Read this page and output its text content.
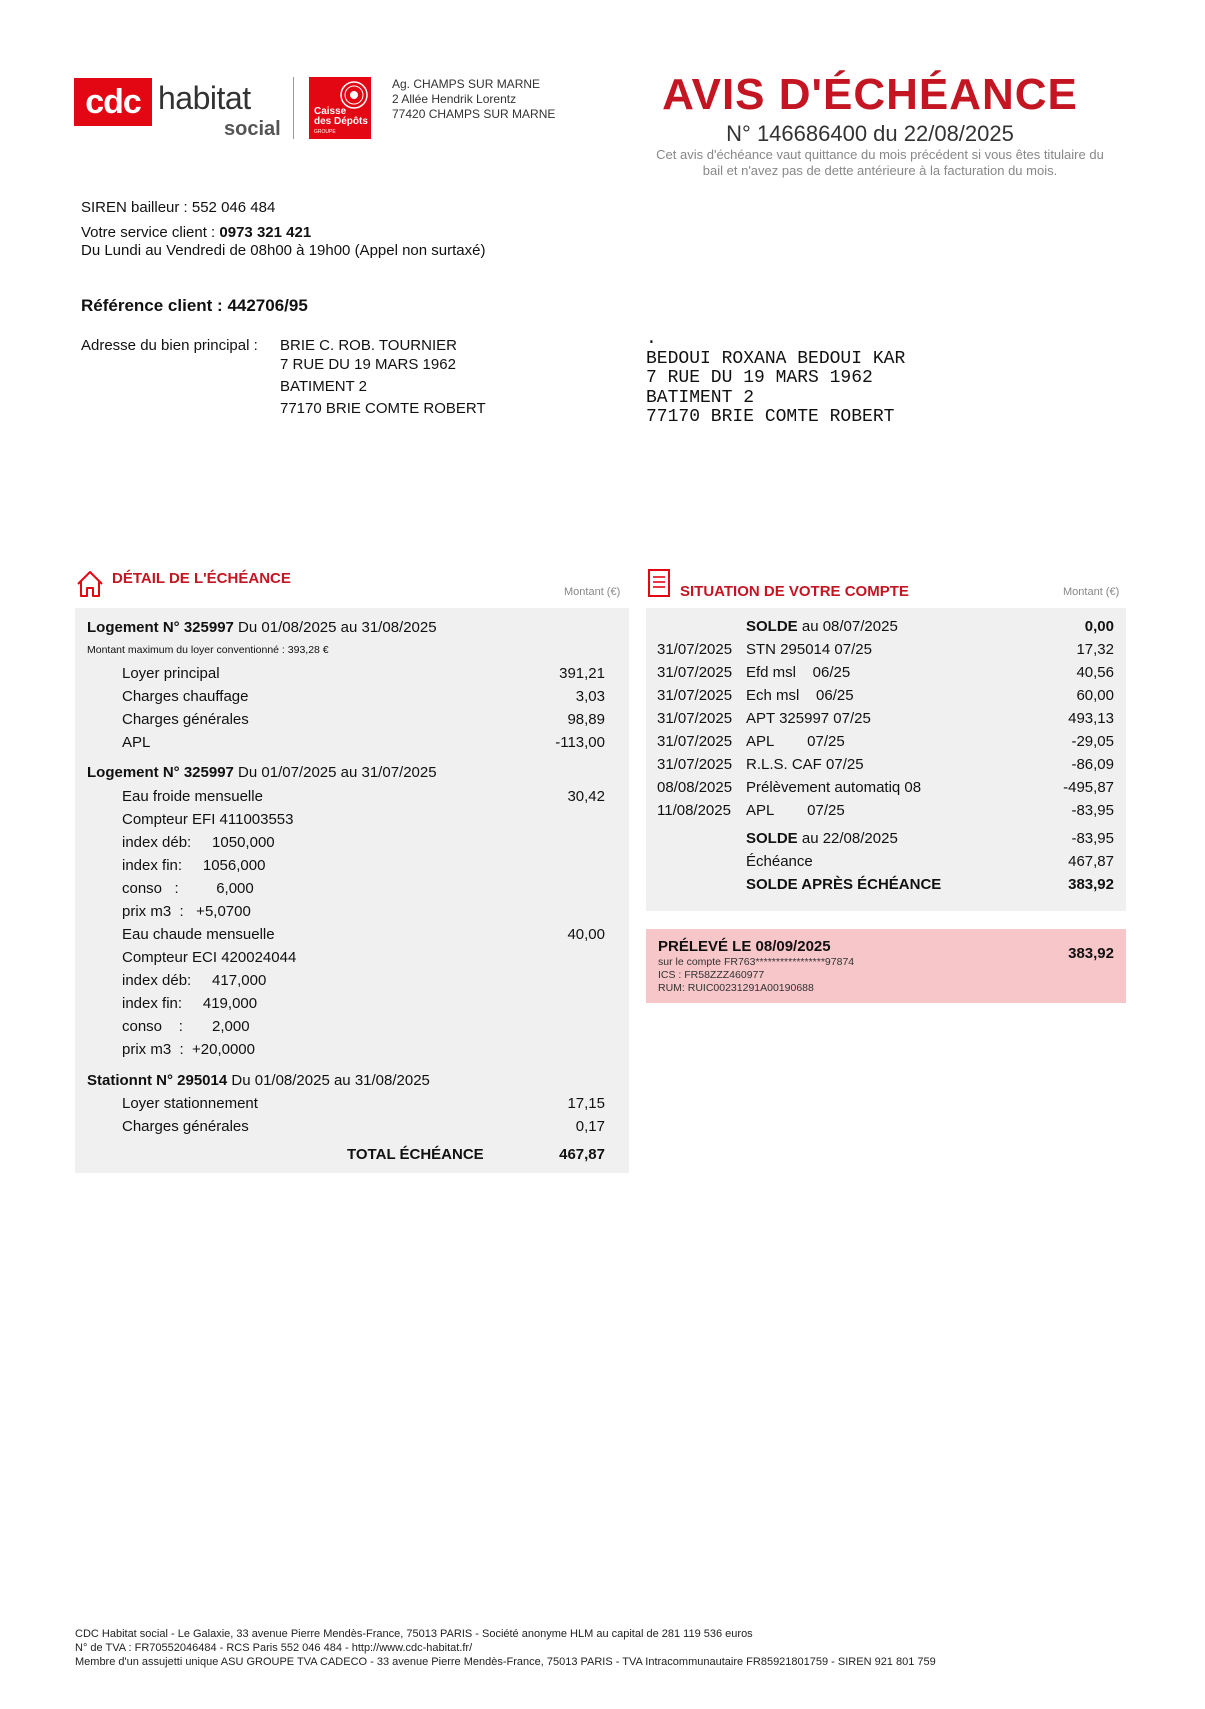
cdc habitat
social
Caisse
des Dépôts
GROUPE
Ag. CHAMPS SUR MARNE
2 Allée Hendrik Lorentz
77420 CHAMPS SUR MARNE	AVIS D'ÉCHÉANCE
N° 146686400 du 22/08/2025
Cet avis d'échéance vaut quittance du mois précédent si vous êtes titulaire du
bail et n'avez pas de dette antérieure à la facturation du mois.
SIREN bailleur : 552 046 484
Votre service client : 0973 321 421
Du Lundi au Vendredi de 08h00 à 19h00 (Appel non surtaxé)
Référence client : 442706/95
Adresse du bien principal : BRIE C. ROB. TOURNIER
7 RUE DU 19 MARS 1962
BATIMENT 2
77170 BRIE COMTE ROBERT
.
BEDOUI ROXANA BEDOUI KAR
7 RUE DU 19 MARS 1962
BATIMENT 2
77170 BRIE COMTE ROBERT
DÉTAIL DE L'ÉCHÉANCE
Montant (€)
Logement N° 325997 Du 01/08/2025 au 31/08/2025
Montant maximum du loyer conventionné : 393,28 €
Loyer principal	391,21
Charges chauffage	3,03
Charges générales	98,89
APL	-113,00
Logement N° 325997 Du 01/07/2025 au 31/07/2025
Eau froide mensuelle	30,42
Compteur EFI 411003553
index déb:     1050,000
index fin:     1056,000
conso   :         6,000
prix m3  :   +5,0700
Eau chaude mensuelle	40,00
Compteur ECI 420024044
index déb:     417,000
index fin:     419,000
conso    :       2,000
prix m3  :  +20,0000
Stationnt N° 295014 Du 01/08/2025 au 31/08/2025
Loyer stationnement	17,15
Charges générales	0,17
TOTAL ÉCHÉANCE	467,87
SITUATION DE VOTRE COMPTE	Montant (€)
SOLDE au 08/07/2025	0,00
31/07/2025 STN 295014 07/25	17,32
31/07/2025 Efd msl    06/25	40,56
31/07/2025 Ech msl    06/25	60,00
31/07/2025 APT 325997 07/25	493,13
31/07/2025 APL        07/25	-29,05
31/07/2025 R.L.S. CAF 07/25	-86,09
08/08/2025 Prélèvement automatiq 08	-495,87
11/08/2025 APL        07/25	-83,95
SOLDE au 22/08/2025	-83,95
Échéance	467,87
SOLDE APRÈS ÉCHÉANCE	383,92
PRÉLEVÉ LE 08/09/2025
sur le compte FR763*****************97874
ICS : FR58ZZZ460977
RUM: RUIC00231291A00190688
383,92
CDC Habitat social - Le Galaxie, 33 avenue Pierre Mendès-France, 75013 PARIS - Société anonyme HLM au capital de 281 119 536 euros
N° de TVA : FR70552046484 - RCS Paris 552 046 484 - http://www.cdc-habitat.fr/
Membre d'un assujetti unique ASU GROUPE TVA CADECO - 33 avenue Pierre Mendès-France, 75013 PARIS - TVA Intracommunautaire FR85921801759 - SIREN 921 801 759
